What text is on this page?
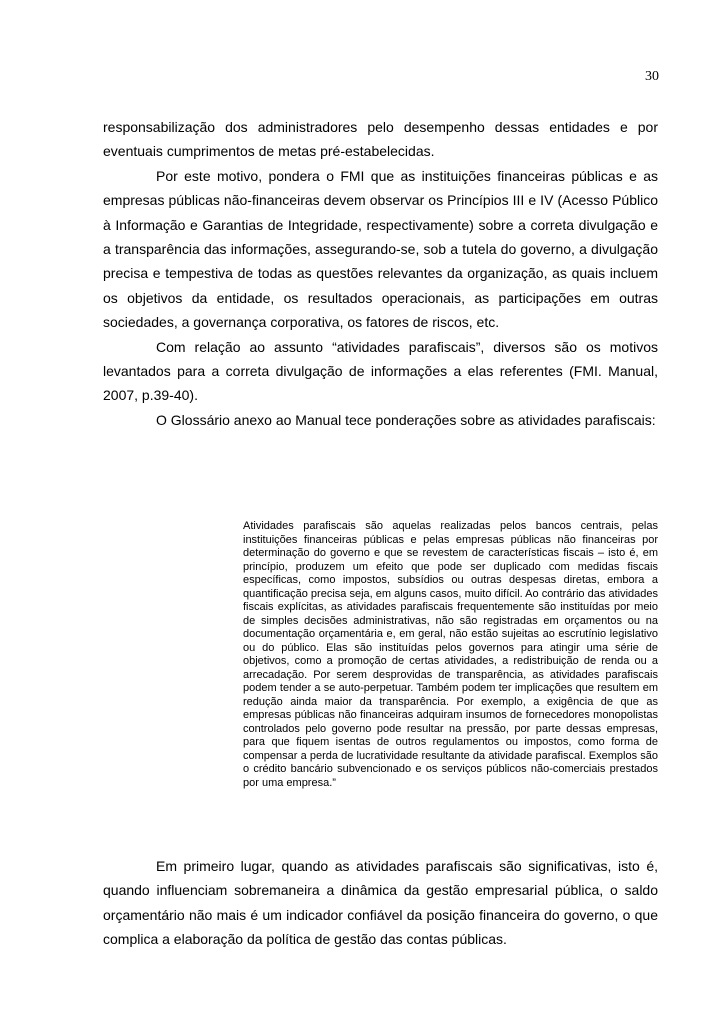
30

responsabilização dos administradores pelo desempenho dessas entidades e por eventuais cumprimentos de metas pré-estabelecidas.

Por este motivo, pondera o FMI que as instituições financeiras públicas e as empresas públicas não-financeiras devem observar os Princípios III e IV (Acesso Público à Informação e Garantias de Integridade, respectivamente) sobre a correta divulgação e a transparência das informações, assegurando-se, sob a tutela do governo, a divulgação precisa e tempestiva de todas as questões relevantes da organização, as quais incluem os objetivos da entidade, os resultados operacionais, as participações em outras sociedades, a governança corporativa, os fatores de riscos, etc.

Com relação ao assunto “atividades parafiscais”, diversos são os motivos levantados para a correta divulgação de informações a elas referentes (FMI. Manual, 2007, p.39-40).

O Glossário anexo ao Manual tece ponderações sobre as atividades parafiscais:

Atividades parafiscais são aquelas realizadas pelos bancos centrais, pelas instituições financeiras públicas e pelas empresas públicas não financeiras por determinação do governo e que se revestem de características fiscais – isto é, em princípio, produzem um efeito que pode ser duplicado com medidas fiscais específicas, como impostos, subsídios ou outras despesas diretas, embora a quantificação precisa seja, em alguns casos, muito difícil. Ao contrário das atividades fiscais explícitas, as atividades parafiscais frequentemente são instituídas por meio de simples decisões administrativas, não são registradas em orçamentos ou na documentação orçamentária e, em geral, não estão sujeitas ao escrutínio legislativo ou do público. Elas são instituídas pelos governos para atingir uma série de objetivos, como a promoção de certas atividades, a redistribuição de renda ou a arrecadação. Por serem desprovidas de transparência, as atividades parafiscais podem tender a se auto-perpetuar. Também podem ter implicações que resultem em redução ainda maior da transparência. Por exemplo, a exigência de que as empresas públicas não financeiras adquiram insumos de fornecedores monopolistas controlados pelo governo pode resultar na pressão, por parte dessas empresas, para que fiquem isentas de outros regulamentos ou impostos, como forma de compensar a perda de lucratividade resultante da atividade parafiscal. Exemplos são o crédito bancário subvencionado e os serviços públicos não-comerciais prestados por uma empresa.”

Em primeiro lugar, quando as atividades parafiscais são significativas, isto é, quando influenciam sobremaneira a dinâmica da gestão empresarial pública, o saldo orçamentário não mais é um indicador confiável da posição financeira do governo, o que complica a elaboração da política de gestão das contas públicas.
